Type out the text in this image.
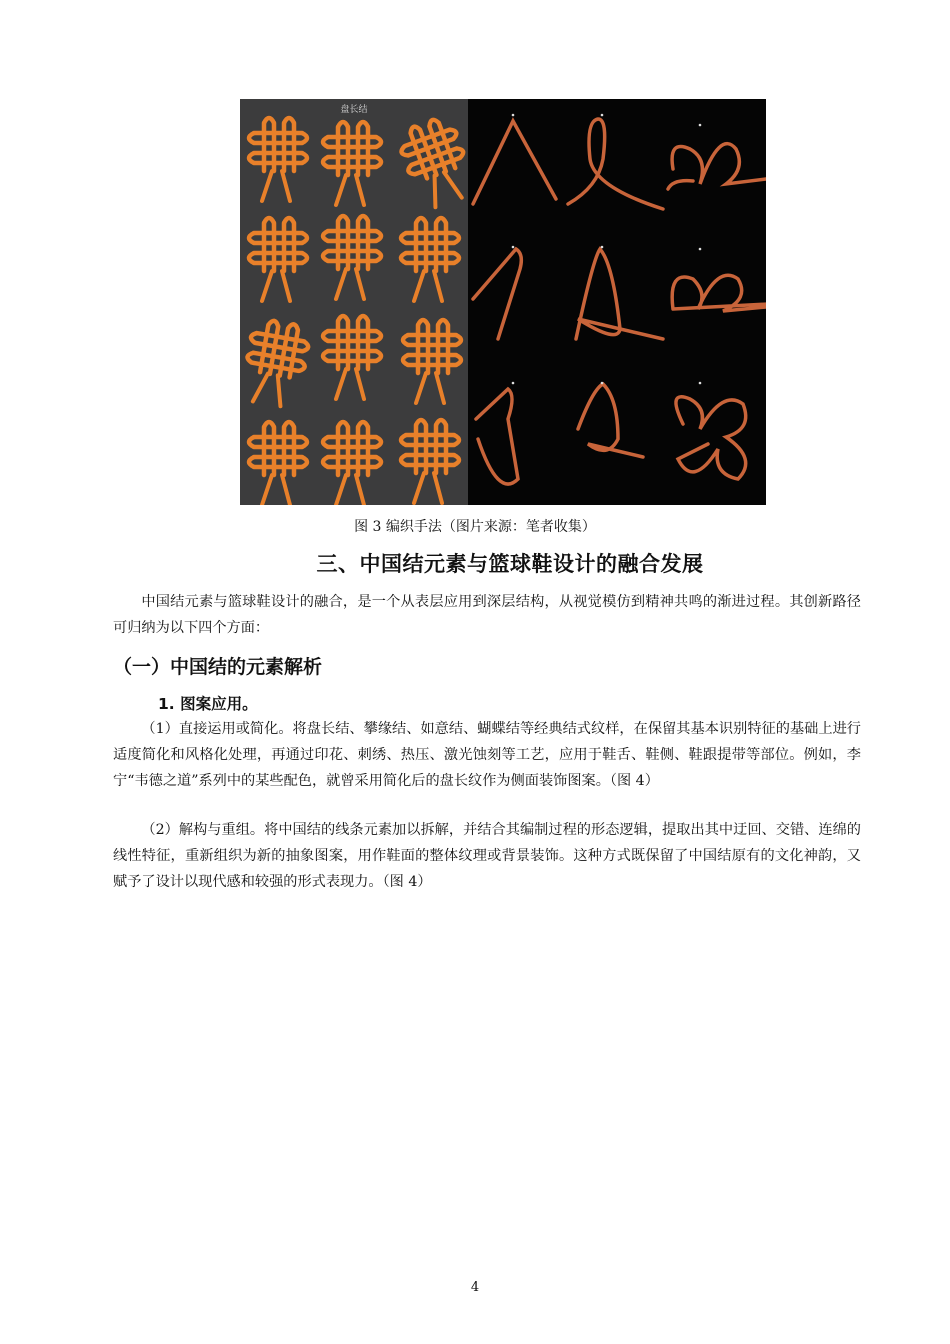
盘长结
图 3 编织手法（图片来源：笔者收集）
三、中国结元素与篮球鞋设计的融合发展

中国结元素与篮球鞋设计的融合，是一个从表层应用到深层结构，从视觉模仿到精神共鸣的渐进过程。其创新路径可归纳为以下四个方面：

（一）中国结的元素解析
1. 图案应用。

（1）直接运用或简化。将盘长结、攀缘结、如意结、蝴蝶结等经典结式纹样，在保留其基本识别特征的基础上进行适度简化和风格化处理，再通过印花、刺绣、热压、激光蚀刻等工艺，应用于鞋舌、鞋侧、鞋跟提带等部位。例如，李宁“韦德之道”系列中的某些配色，就曾采用简化后的盘长纹作为侧面装饰图案。（图 4）

（2）解构与重组。将中国结的线条元素加以拆解，并结合其编制过程的形态逻辑，提取出其中迂回、交错、连绵的线性特征，重新组织为新的抽象图案，用作鞋面的整体纹理或背景装饰。这种方式既保留了中国结原有的文化神韵，又赋予了设计以现代感和较强的形式表现力。（图 4）

4
